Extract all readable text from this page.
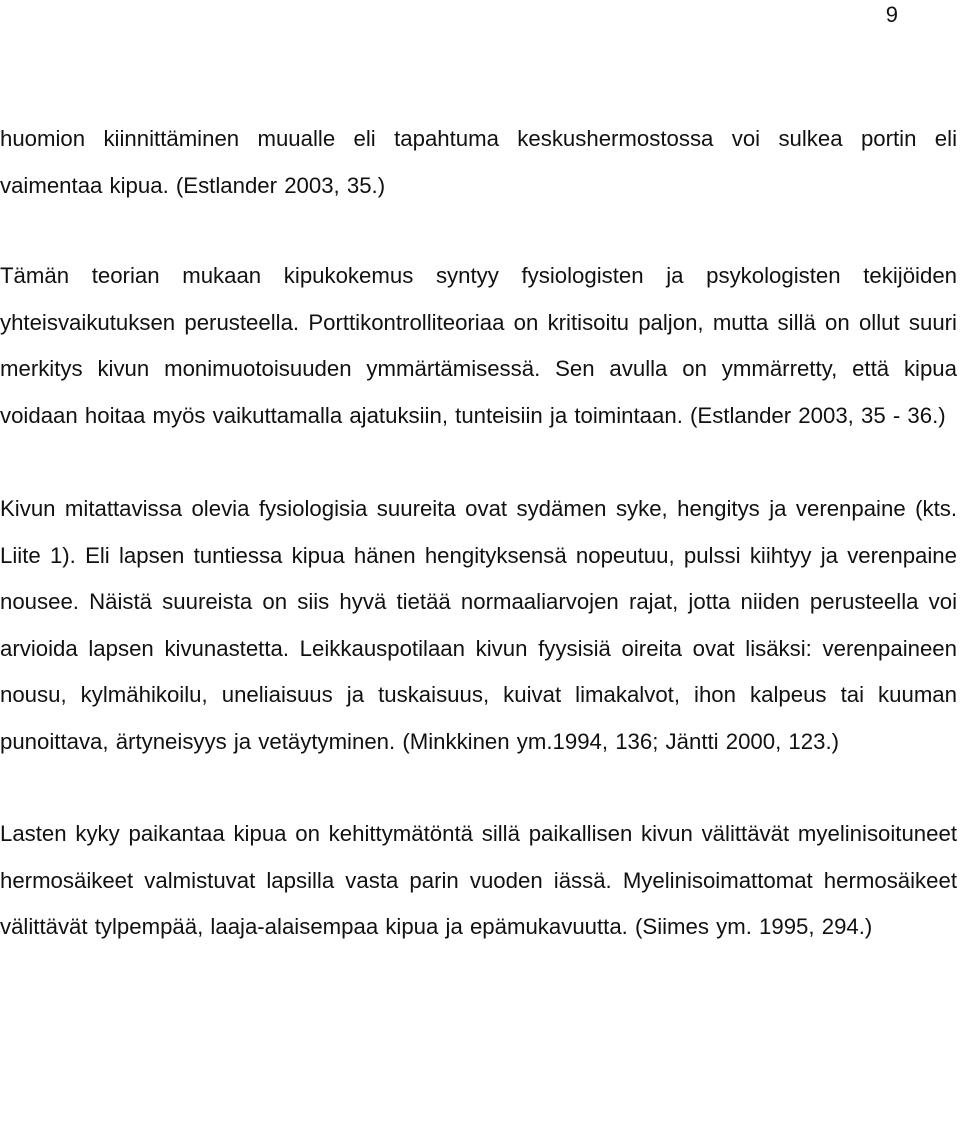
9

huomion kiinnittäminen muualle eli tapahtuma keskushermostossa voi sulkea portin eli vaimentaa kipua. (Estlander 2003, 35.)

Tämän teorian mukaan kipukokemus syntyy fysiologisten ja psykologisten tekijöiden yhteisvaikutuksen perusteella. Porttikontrolliteoriaa on kritisoitu paljon, mutta sillä on ollut suuri merkitys kivun monimuotoisuuden ymmärtämisessä. Sen avulla on ymmärretty, että kipua voidaan hoitaa myös vaikuttamalla ajatuksiin, tunteisiin ja toimintaan. (Estlander 2003, 35 - 36.)

Kivun mitattavissa olevia fysiologisia suureita ovat sydämen syke, hengitys ja verenpaine (kts. Liite 1). Eli lapsen tuntiessa kipua hänen hengityksensä nopeutuu, pulssi kiihtyy ja verenpaine nousee. Näistä suureista on siis hyvä tietää normaaliarvojen rajat, jotta niiden perusteella voi arvioida lapsen kivunastetta. Leikkauspotilaan kivun fyysisiä oireita ovat lisäksi: verenpaineen nousu, kylmähikoilu, uneliaisuus ja tuskaisuus, kuivat limakalvot, ihon kalpeus tai kuuman punoittava, ärtyneisyys ja vetäytyminen. (Minkkinen ym.1994, 136; Jäntti 2000, 123.)

Lasten kyky paikantaa kipua on kehittymätöntä sillä paikallisen kivun välittävät myelinisoituneet hermosäikeet valmistuvat lapsilla vasta parin vuoden iässä. Myelinisoimattomat hermosäikeet välittävät tylpempää, laaja-alaisempaa kipua ja epämukavuutta. (Siimes ym. 1995, 294.)
